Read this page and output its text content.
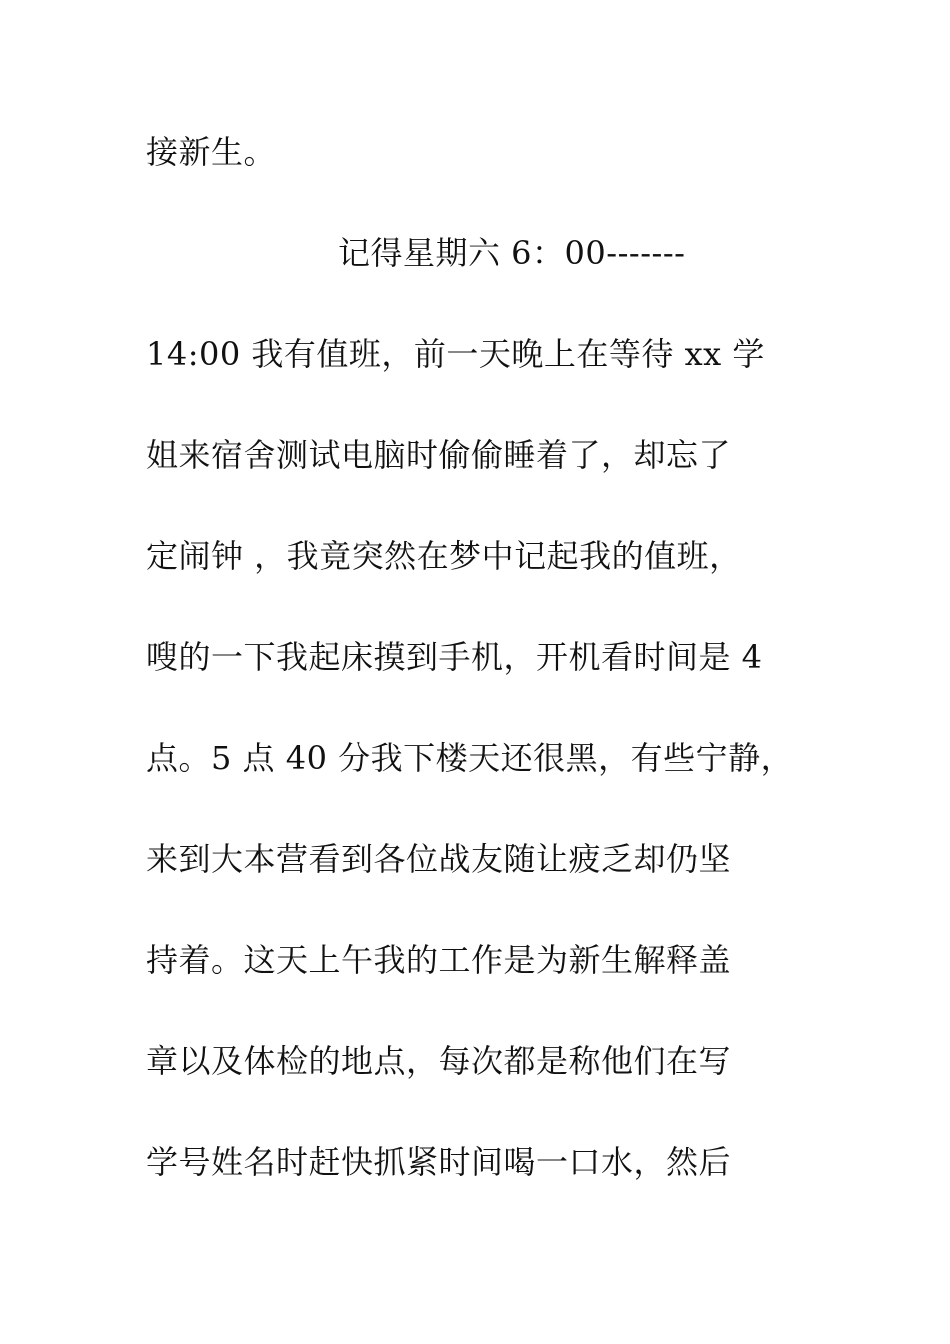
接新生。
记得星期六 6：00-------
14:00 我有值班，前一天晚上在等待 xx 学
姐来宿舍测试电脑时偷偷睡着了，却忘了
定闹钟 ，我竟突然在梦中记起我的值班，
嗖的一下我起床摸到手机，开机看时间是 4
点。5 点 40 分我下楼天还很黑，有些宁静，
来到大本营看到各位战友随让疲乏却仍坚
持着。这天上午我的工作是为新生解释盖
章以及体检的地点，每次都是称他们在写
学号姓名时赶快抓紧时间喝一口水，然后
